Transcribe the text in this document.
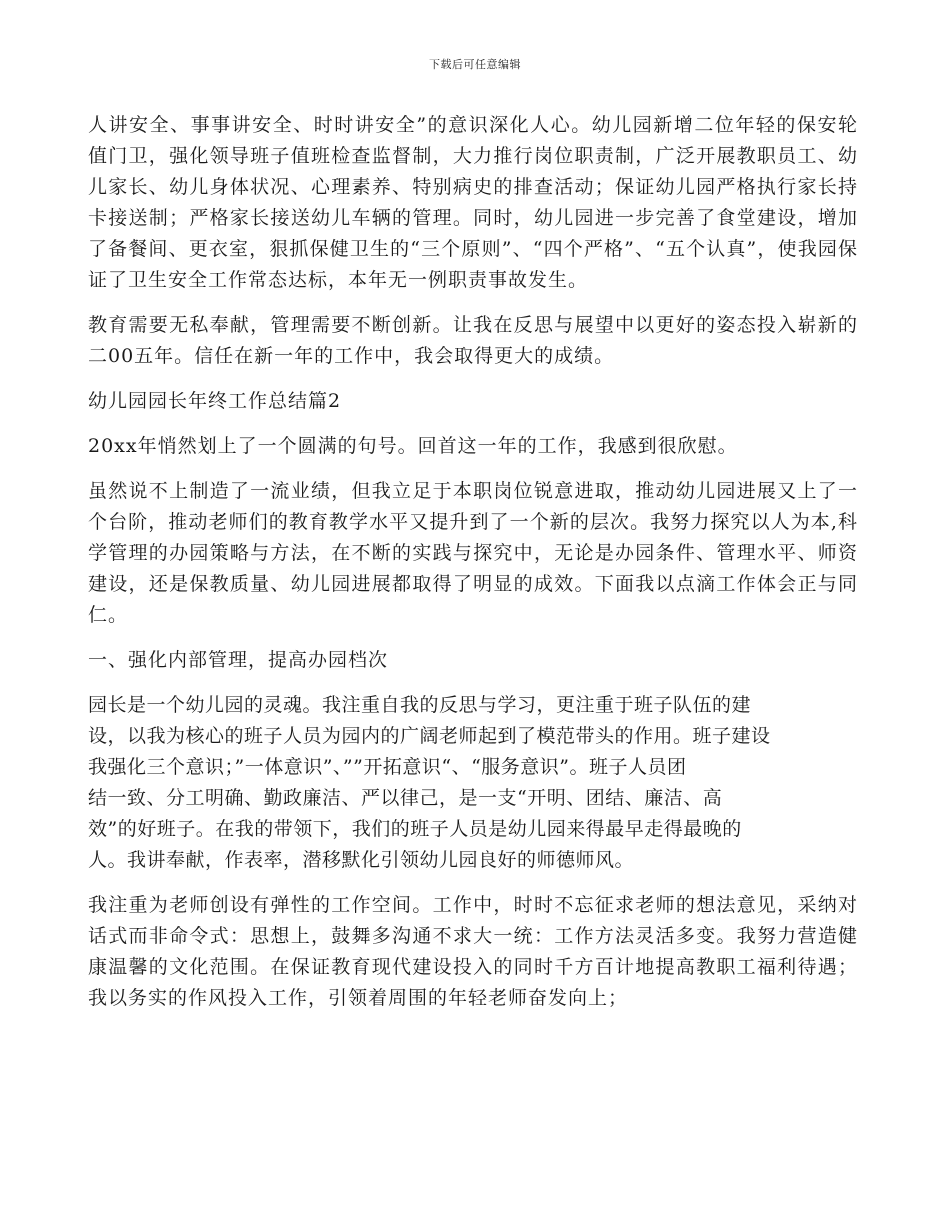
下载后可任意编辑

人讲安全、事事讲安全、时时讲安全”的意识深化人心。幼儿园新增二位年轻的保安轮值门卫，强化领导班子值班检查监督制，大力推行岗位职责制，广泛开展教职员工、幼儿家长、幼儿身体状况、心理素养、特别病史的排查活动；保证幼儿园严格执行家长持卡接送制；严格家长接送幼儿车辆的管理。同时，幼儿园进一步完善了食堂建设，增加了备餐间、更衣室，狠抓保健卫生的“三个原则”、“四个严格”、“五个认真”，使我园保证了卫生安全工作常态达标，本年无一例职责事故发生。

教育需要无私奉献，管理需要不断创新。让我在反思与展望中以更好的姿态投入崭新的二00五年。信任在新一年的工作中，我会取得更大的成绩。

幼儿园园长年终工作总结篇2

20xx年悄然划上了一个圆满的句号。回首这一年的工作，我感到很欣慰。

虽然说不上制造了一流业绩，但我立足于本职岗位锐意进取，推动幼儿园进展又上了一个台阶，推动老师们的教育教学水平又提升到了一个新的层次。我努力探究以人为本,科学管理的办园策略与方法，在不断的实践与探究中，无论是办园条件、管理水平、师资建设，还是保教质量、幼儿园进展都取得了明显的成效。下面我以点滴工作体会正与同仁。

一、强化内部管理，提高办园档次

园长是一个幼儿园的灵魂。我注重自我的反思与学习，更注重于班子队伍的建
设，以我为核心的班子人员为园内的广阔老师起到了模范带头的作用。班子建设
我强化三个意识；”一体意识”、””开拓意识“、“服务意识”。班子人员团
结一致、分工明确、勤政廉洁、严以律己，是一支“开明、团结、廉洁、高
效”的好班子。在我的带领下，我们的班子人员是幼儿园来得最早走得最晚的
人。我讲奉献，作表率，潜移默化引领幼儿园良好的师德师风。

我注重为老师创设有弹性的工作空间。工作中，时时不忘征求老师的想法意见，采纳对话式而非命令式：思想上，鼓舞多沟通不求大一统：工作方法灵活多变。我努力营造健康温馨的文化范围。在保证教育现代建设投入的同时千方百计地提高教职工福利待遇；我以务实的作风投入工作，引领着周围的年轻老师奋发向上；
